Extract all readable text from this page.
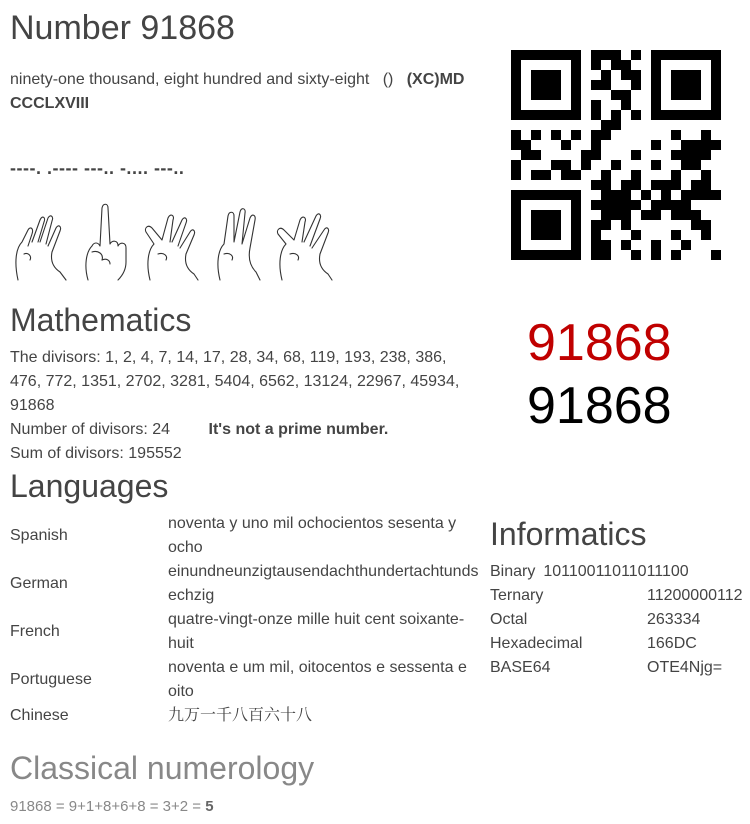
Number 91868
ninety-one thousand, eight hundred and sixty-eight () (XC)MD CCCLXVIII
----. .---- ---.. -.... ---..
Mathematics
The divisors: 1, 2, 4, 7, 14, 17, 28, 34, 68, 119, 193, 238, 386, 476, 772, 1351, 2702, 3281, 5404, 6562, 13124, 22967, 45934, 91868
Number of divisors: 24 It's not a prime number.
Sum of divisors: 195552
91868
91868
Languages
Spanish	noventa y uno mil ochocientos sesenta y ocho
German	einundneunzigtausendachthundertachtundsechzig
French	quatre-vingt-onze mille huit cent soixante-huit
Portuguese	noventa e um mil, oitocentos e sessenta e oito
Chinese	九万一千八百六十八
Informatics
Binary	10110011011011100
Ternary	11200000112
Octal	263334
Hexadecimal	166DC
BASE64	OTE4Njg=
Classical numerology
91868 = 9+1+8+6+8 = 3+2 = 5
